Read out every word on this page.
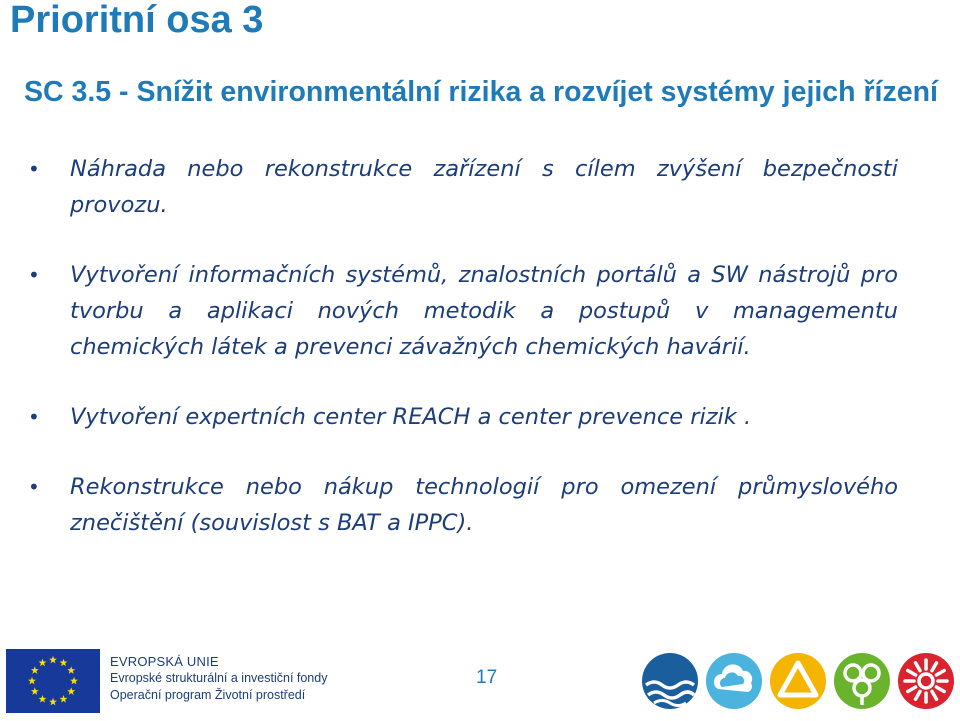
Prioritní osa 3
SC 3.5 - Snížit environmentální rizika a rozvíjet systémy jejich řízení
• Náhrada nebo rekonstrukce zařízení s cílem zvýšení bezpečnosti provozu.
• Vytvoření informačních systémů, znalostních portálů a SW nástrojů pro tvorbu a aplikaci nových metodik a postupů v managementu chemických látek a prevenci závažných chemických havárií.
• Vytvoření expertních center REACH a center prevence rizik .
• Rekonstrukce nebo nákup technologií pro omezení průmyslového znečištění (souvislost s BAT a IPPC).
EVROPSKÁ UNIE
Evropské strukturální a investiční fondy
Operační program Životní prostředí
17
